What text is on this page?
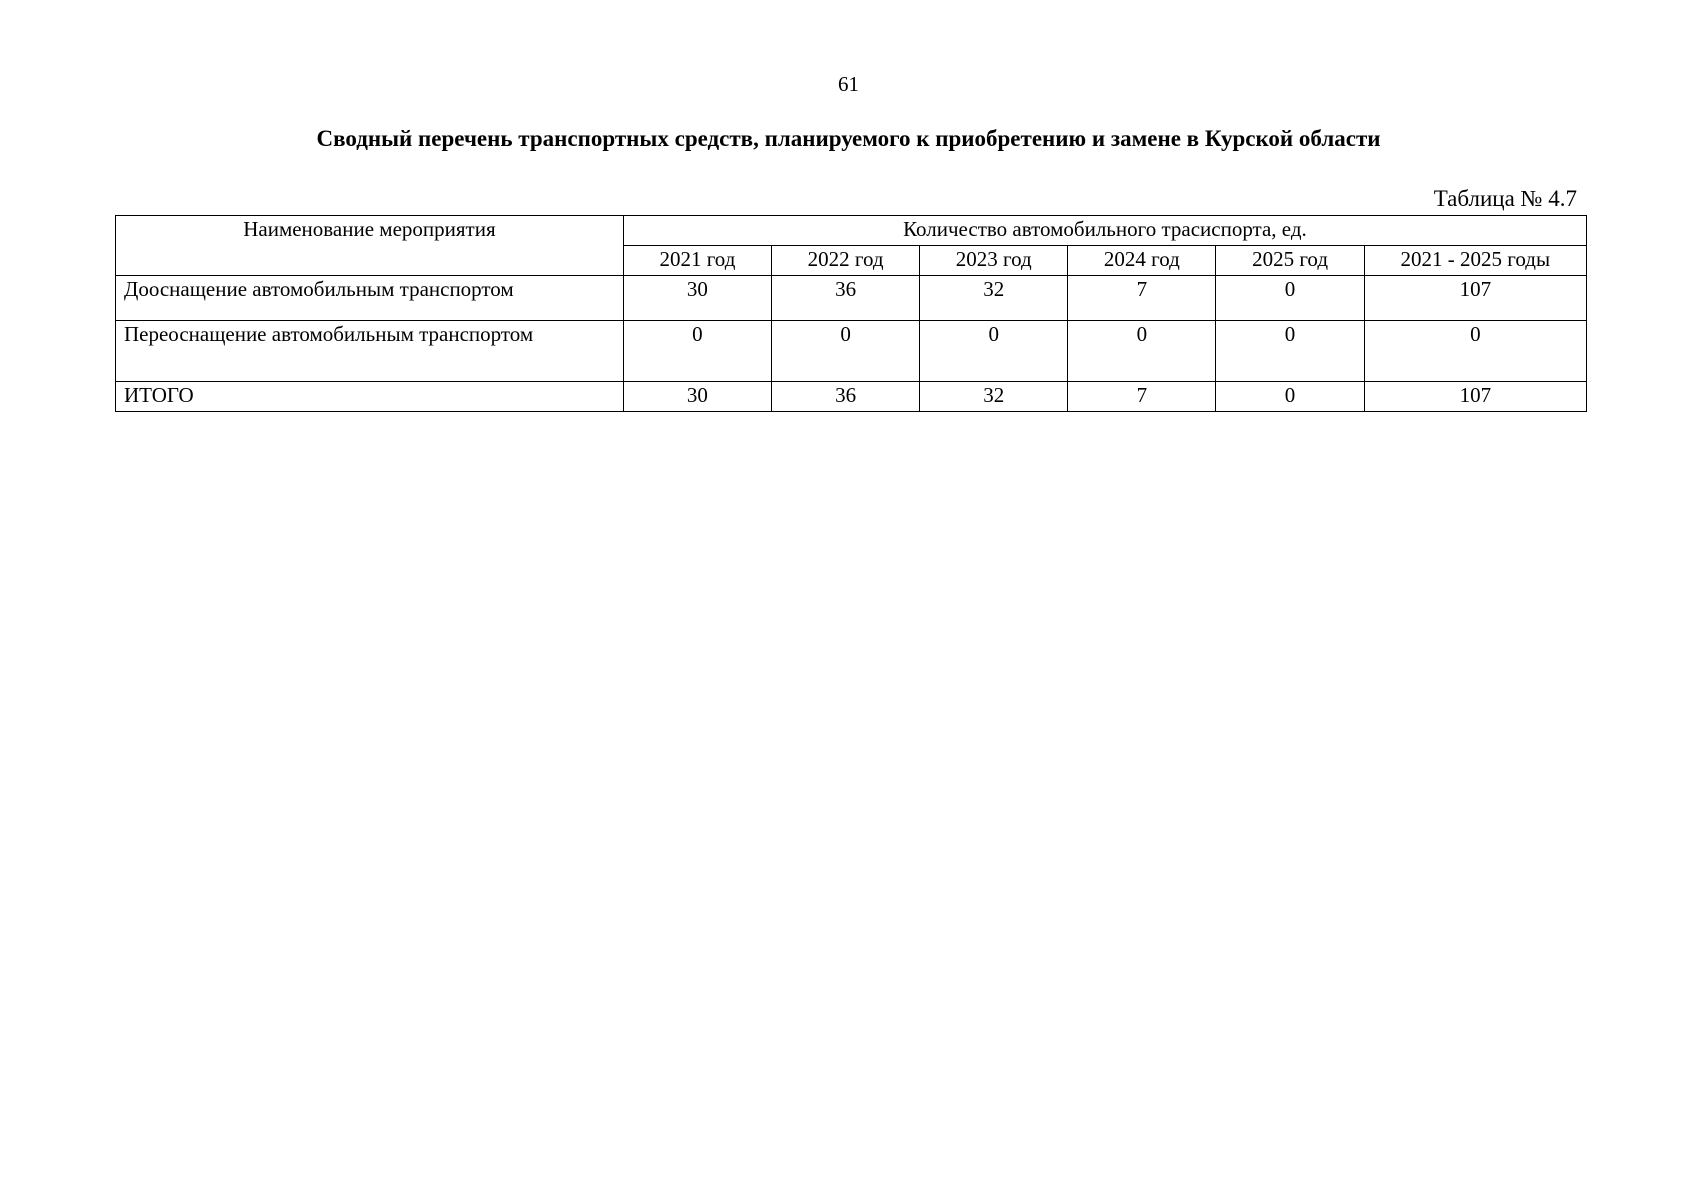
61
Сводный перечень транспортных средств, планируемого к приобретению и замене в Курской области
Таблица № 4.7
Наименование мероприятия	Количество автомобильного трасиспорта, ед.					
	2021 год	2022 год	2023 год	2024 год	2025 год	2021 - 2025 годы
Дооснащение автомобильным транспортом	30	36	32	7	0	107
Переоснащение автомобильным транспортом	0	0	0	0	0	0
ИТОГО	30	36	32	7	0	107
